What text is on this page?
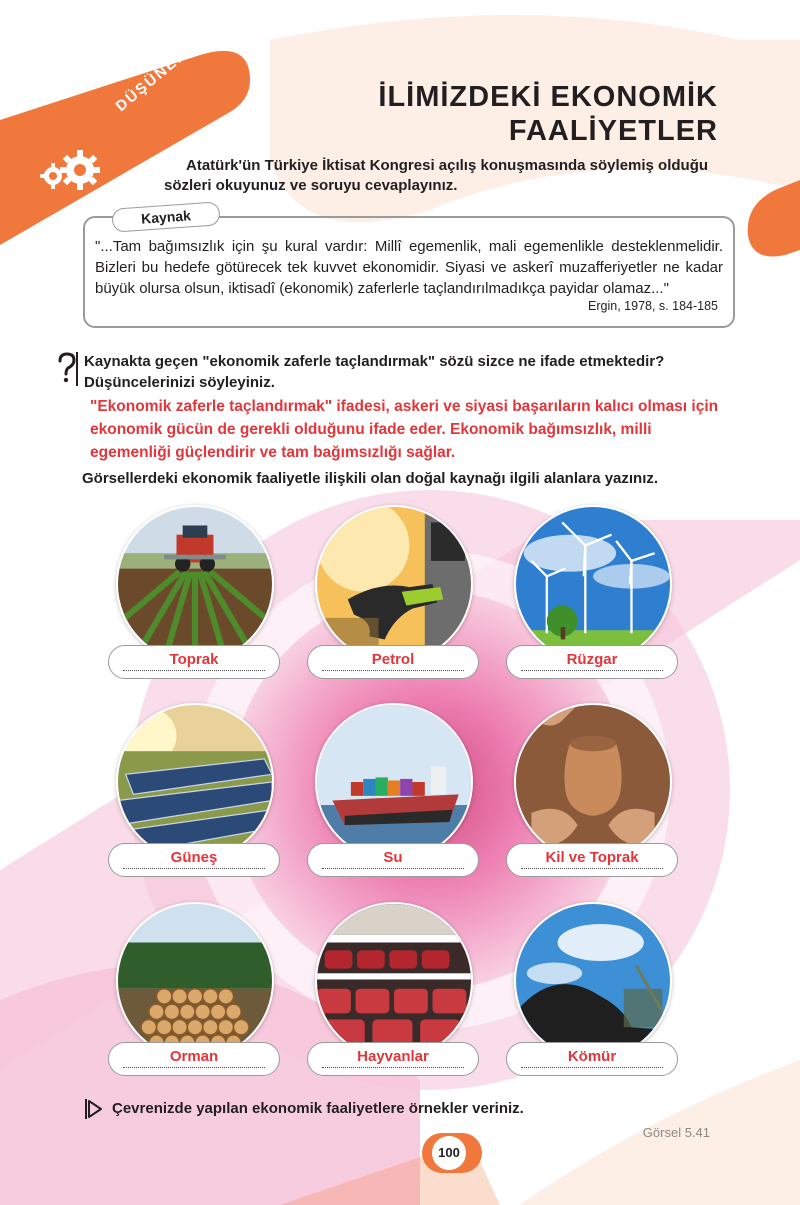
DÜŞÜNELİM	İLİMİZDEKİ EKONOMİK
FAALİYETLER
Atatürk'ün Türkiye İktisat Kongresi açılış konuşmasında söylemiş olduğu
sözleri okuyunuz ve soruyu cevaplayınız.
Kaynak

"...Tam bağımsızlık için şu kural vardır: Millî egemenlik, mali egemenlikle desteklenmelidir. Bizleri bu hedefe götürecek tek kuvvet ekonomidir. Siyasi ve askerî muzafferiyetler ne kadar büyük olursa olsun, iktisadî (ekonomik) zaferlerle taçlandırılmadıkça payidar olamaz..."

Ergin, 1978, s. 184-185

Kaynakta geçen "ekonomik zaferle taçlandırmak" sözü sizce ne ifade etmektedir? Düşüncelerinizi söyleyiniz.

"Ekonomik zaferle taçlandırmak" ifadesi, askeri ve siyasi başarıların kalıcı olması için ekonomik gücün de gerekli olduğunu ifade eder. Ekonomik bağımsızlık, milli egemenliği güçlendirir ve tam bağımsızlığı sağlar.

Görsellerdeki ekonomik faaliyetle ilişkili olan doğal kaynağı ilgili alanlara yazınız.

Toprak	Petrol	Rüzgar
Güneş	Su	Kil ve Toprak
Orman	Hayvanlar	Kömür

Çevrenizde yapılan ekonomik faaliyetlere örnekler veriniz.

Görsel 5.41
100
